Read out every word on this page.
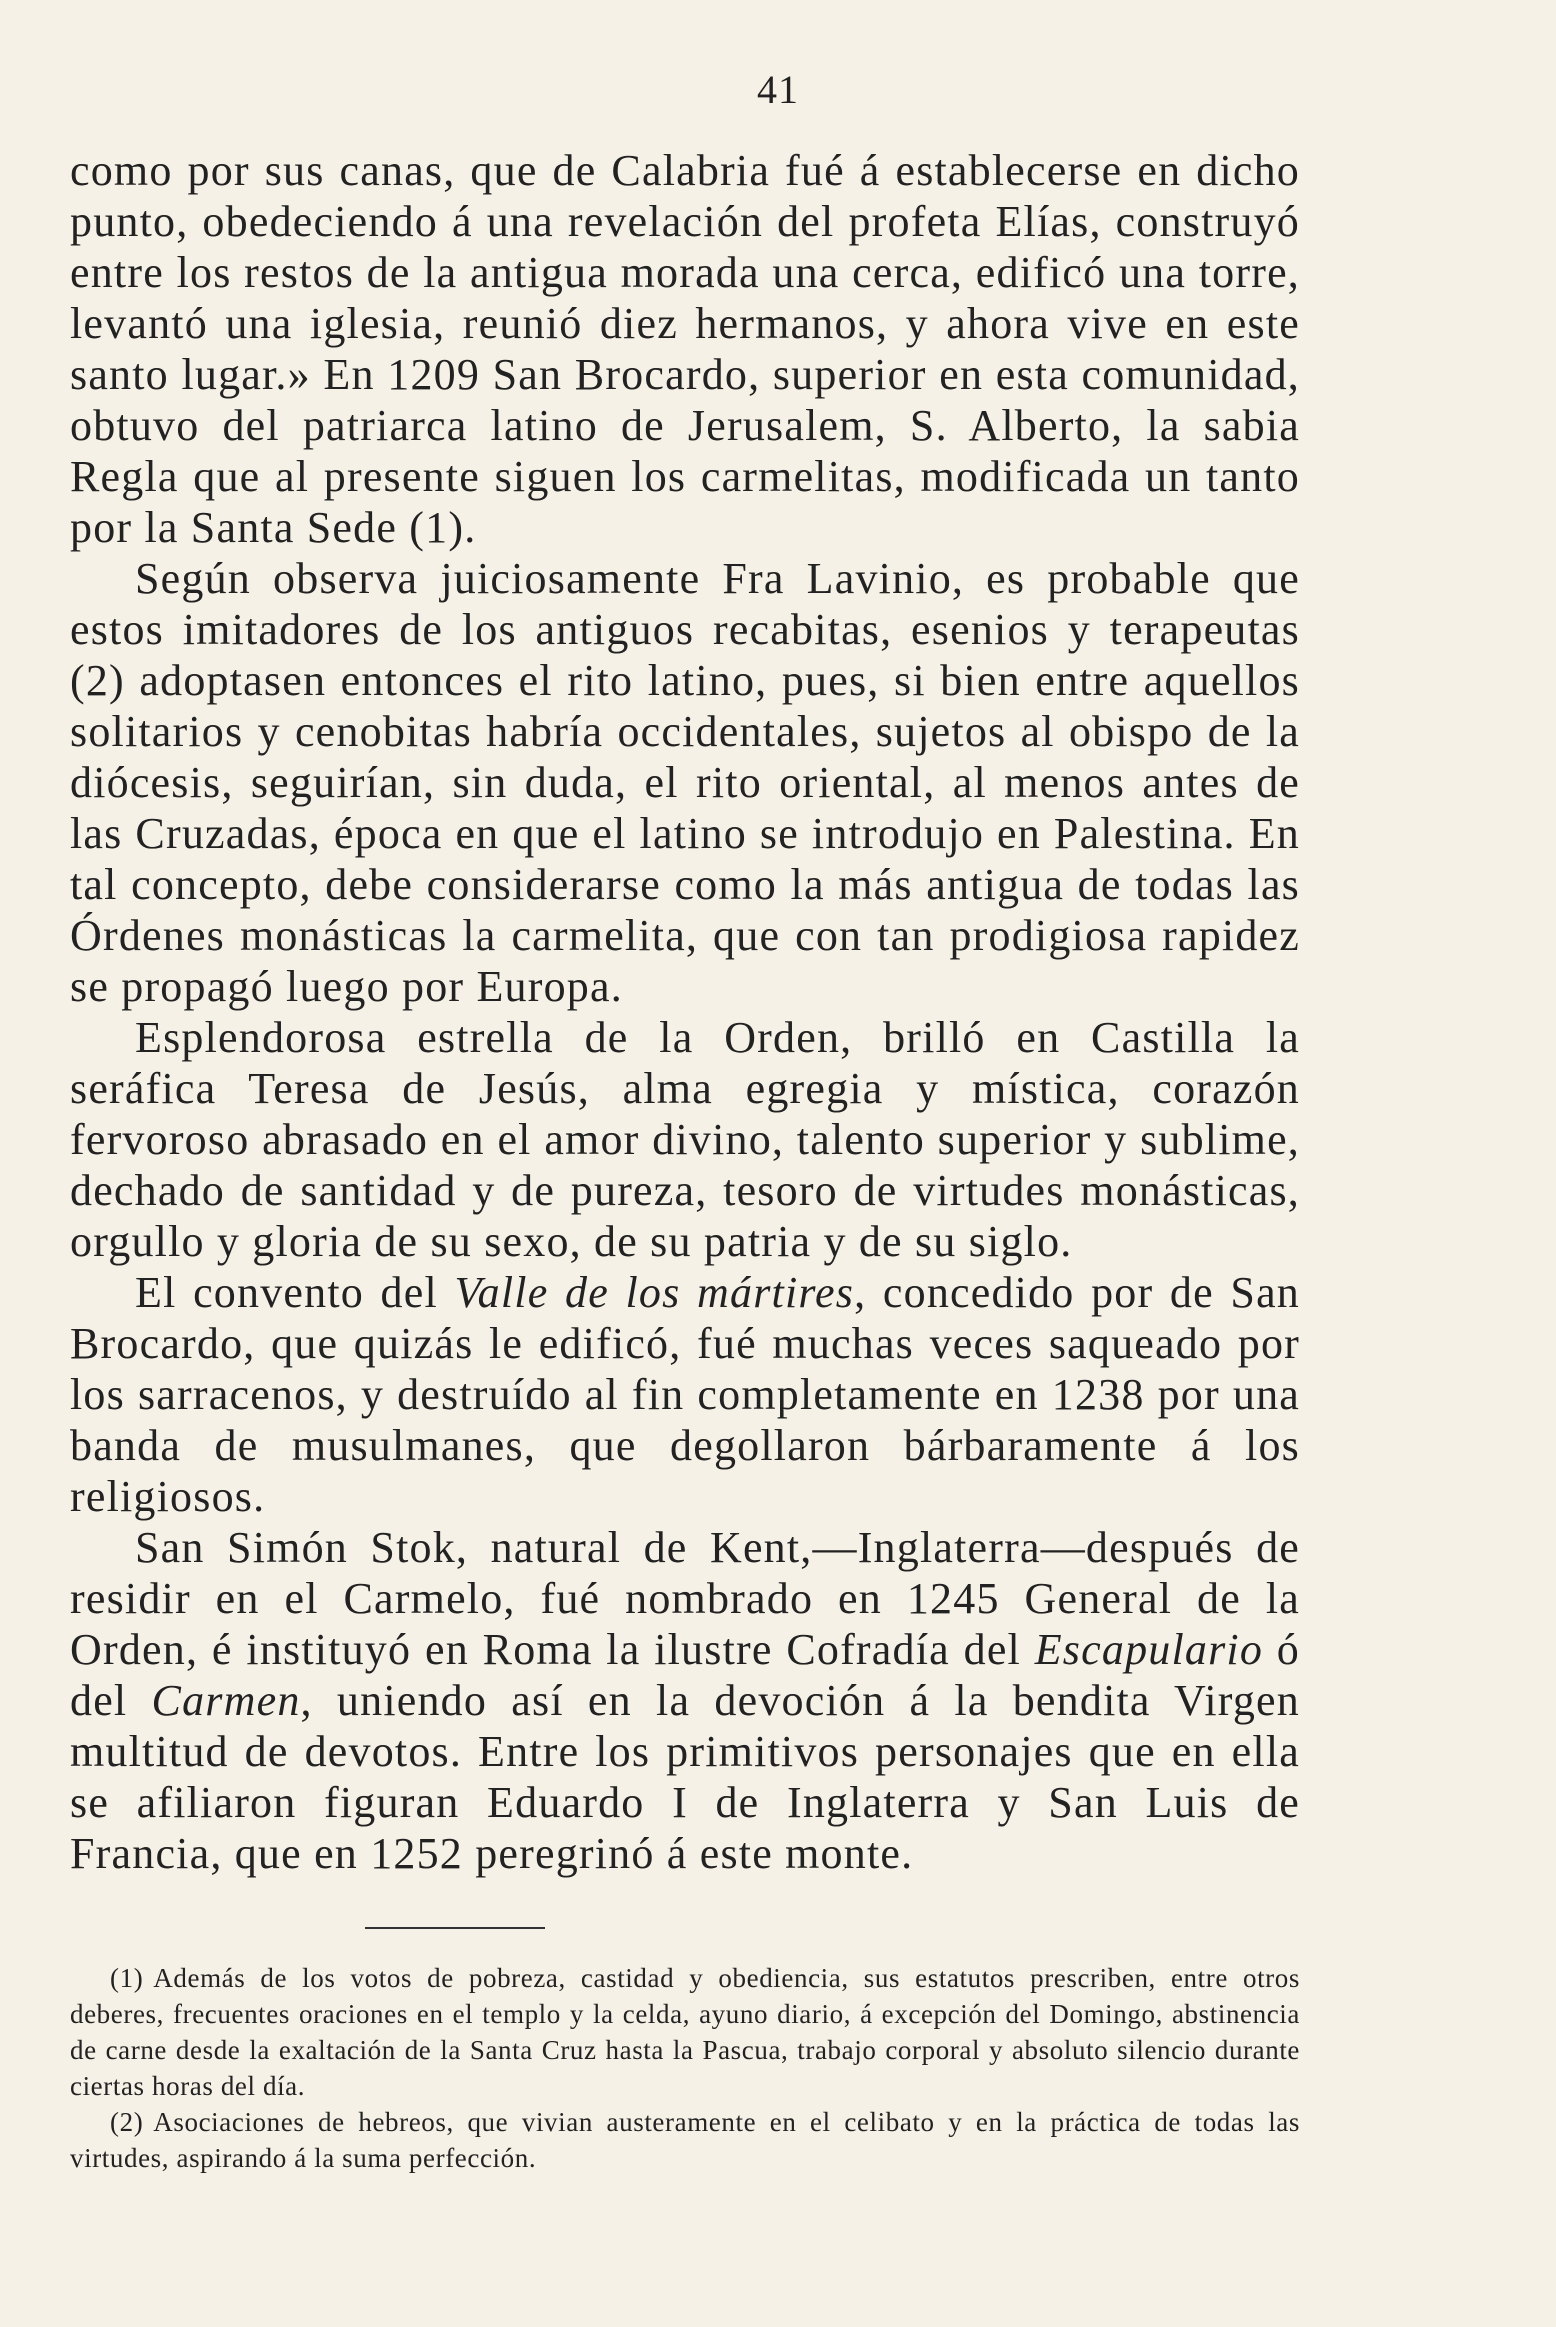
41

como por sus canas, que de Calabria fué á establecerse en dicho punto, obedeciendo á una revelación del profeta Elías, construyó entre los restos de la antigua morada una cerca, edificó una torre, levantó una iglesia, reunió diez hermanos, y ahora vive en este santo lugar.» En 1209 San Brocardo, superior en esta comunidad, obtuvo del patriarca latino de Jerusalem, S. Alberto, la sabia Regla que al presente siguen los carmelitas, modificada un tanto por la Santa Sede (1).

Según observa juiciosamente Fra Lavinio, es probable que estos imitadores de los antiguos recabitas, esenios y terapeutas (2) adoptasen entonces el rito latino, pues, si bien entre aquellos solitarios y cenobitas habría occidentales, sujetos al obispo de la diócesis, seguirían, sin duda, el rito oriental, al menos antes de las Cruzadas, época en que el latino se introdujo en Palestina. En tal concepto, debe considerarse como la más antigua de todas las Órdenes monásticas la carmelita, que con tan prodigiosa rapidez se propagó luego por Europa.

Esplendorosa estrella de la Orden, brilló en Castilla la seráfica Teresa de Jesús, alma egregia y mística, corazón fervoroso abrasado en el amor divino, talento superior y sublime, dechado de santidad y de pureza, tesoro de virtudes monásticas, orgullo y gloria de su sexo, de su patria y de su siglo.

El convento del Valle de los mártires, concedido por de San Brocardo, que quizás le edificó, fué muchas veces saqueado por los sarracenos, y destruído al fin completamente en 1238 por una banda de musulmanes, que degollaron bárbaramente á los religiosos.

San Simón Stok, natural de Kent,—Inglaterra—después de residir en el Carmelo, fué nombrado en 1245 General de la Orden, é instituyó en Roma la ilustre Cofradía del Escapulario ó del Carmen, uniendo así en la devoción á la bendita Virgen multitud de devotos. Entre los primitivos personajes que en ella se afiliaron figuran Eduardo I de Inglaterra y San Luis de Francia, que en 1252 peregrinó á este monte.

(1) Además de los votos de pobreza, castidad y obediencia, sus estatutos prescriben, entre otros deberes, frecuentes oraciones en el templo y la celda, ayuno diario, á excepción del Domingo, abstinencia de carne desde la exaltación de la Santa Cruz hasta la Pascua, trabajo corporal y absoluto silencio durante ciertas horas del día.

(2) Asociaciones de hebreos, que vivian austeramente en el celibato y en la práctica de todas las virtudes, aspirando á la suma perfección.
